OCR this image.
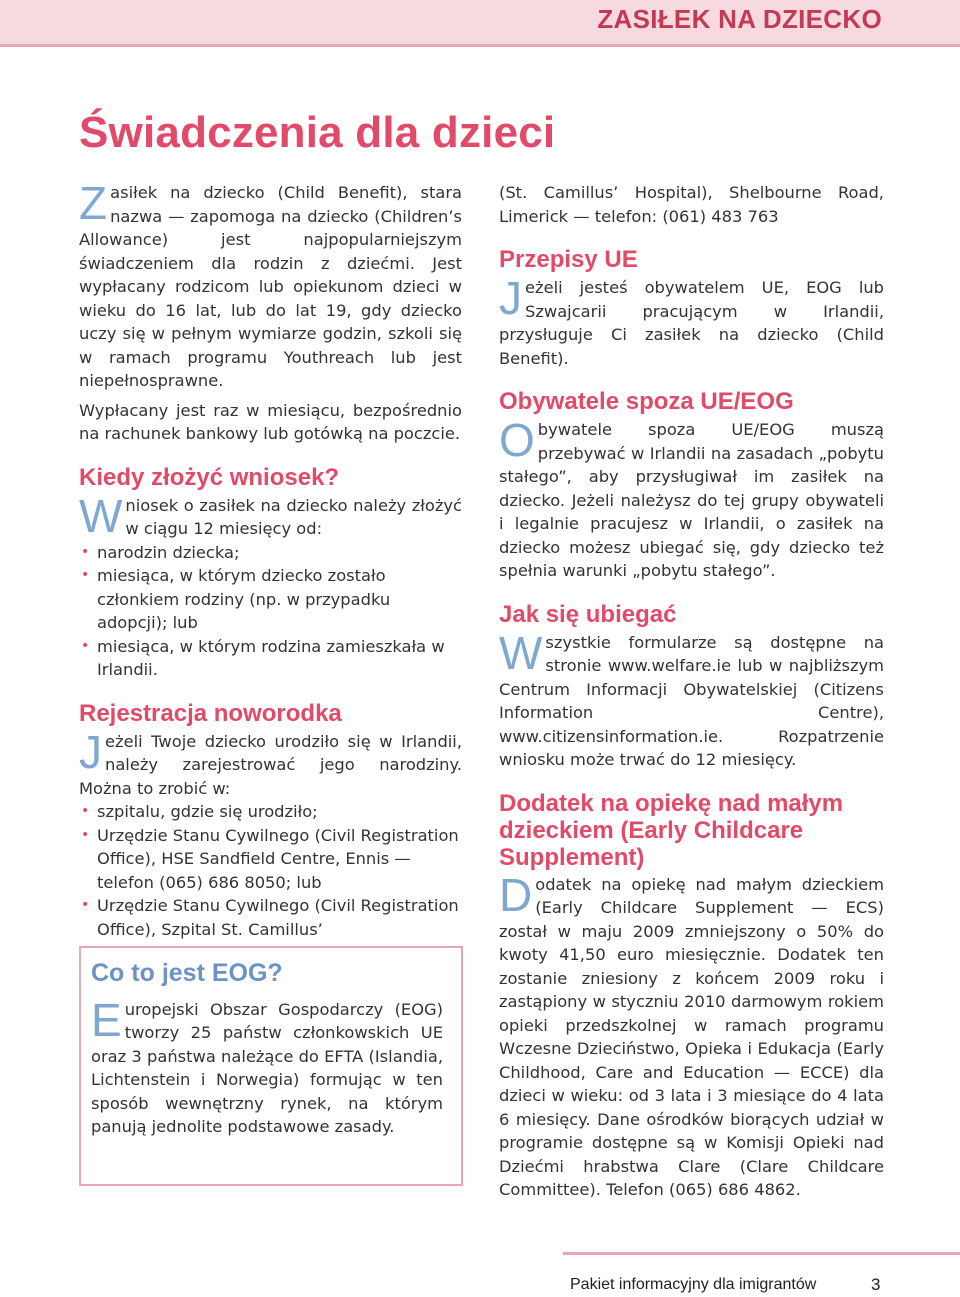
ZASIŁEK NA DZIECKO
Świadczenia dla dzieci

Zasiłek na dziecko (Child Benefit), stara nazwa — zapomoga na dziecko (Children’s Allowance) jest najpopularniejszym świadczeniem dla rodzin z dziećmi. Jest wypłacany rodzicom lub opiekunom dzieci w wieku do 16 lat, lub do lat 19, gdy dziecko uczy się w pełnym wymiarze godzin, szkoli się w ramach programu Youthreach lub jest niepełnosprawne.

Wypłacany jest raz w miesiącu, bezpośrednio na rachunek bankowy lub gotówką na poczcie.

Kiedy złożyć wniosek?

Wniosek o zasiłek na dziecko należy złożyć w ciągu 12 miesięcy od:

• narodzin dziecka;
• miesiąca, w którym dziecko zostało członkiem rodziny (np. w przypadku adopcji); lub
• miesiąca, w którym rodzina zamieszkała w Irlandii.
Rejestracja noworodka

Jeżeli Twoje dziecko urodziło się w Irlandii, należy zarejestrować jego narodziny. Można to zrobić w:

• szpitalu, gdzie się urodziło;
• Urzędzie Stanu Cywilnego (Civil Registration Office), HSE Sandfield Centre, Ennis — telefon (065) 686 8050; lub
• Urzędzie Stanu Cywilnego (Civil Registration Office), Szpital St. Camillus’
Co to jest EOG?

Europejski Obszar Gospodarczy (EOG) tworzy 25 państw członkowskich UE oraz 3 państwa należące do EFTA (Islandia, Lichtenstein i Norwegia) formując w ten sposób wewnętrzny rynek, na którym panują jednolite podstawowe zasady.

(St. Camillus’ Hospital), Shelbourne Road, Limerick — telefon: (061) 483 763

Przepisy UE

Jeżeli jesteś obywatelem UE, EOG lub Szwajcarii pracującym w Irlandii, przysługuje Ci zasiłek na dziecko (Child Benefit).

Obywatele spoza UE/EOG

Obywatele spoza UE/EOG muszą przebywać w Irlandii na zasadach „pobytu stałego”, aby przysługiwał im zasiłek na dziecko. Jeżeli należysz do tej grupy obywateli i legalnie pracujesz w Irlandii, o zasiłek na dziecko możesz ubiegać się, gdy dziecko też spełnia warunki „pobytu stałego”.

Jak się ubiegać

Wszystkie formularze są dostępne na stronie www.welfare.ie lub w najbliższym Centrum Informacji Obywatelskiej (Citizens Information Centre), www.citizensinformation.ie. Rozpatrzenie wniosku może trwać do 12 miesięcy.

Dodatek na opiekę nad małym dzieckiem (Early Childcare Supplement)

Dodatek na opiekę nad małym dzieckiem (Early Childcare Supplement — ECS) został w maju 2009 zmniejszony o 50% do kwoty 41,50 euro miesięcznie. Dodatek ten zostanie zniesiony z końcem 2009 roku i zastąpiony w styczniu 2010 darmowym rokiem opieki przedszkolnej w ramach programu Wczesne Dzieciństwo, Opieka i Edukacja (Early Childhood, Care and Education — ECCE) dla dzieci w wieku: od 3 lata i 3 miesiące do 4 lata 6 miesięcy. Dane ośrodków biorących udział w programie dostępne są w Komisji Opieki nad Dziećmi hrabstwa Clare (Clare Childcare Committee). Telefon (065) 686 4862.

Pakiet informacyjny dla imigrantów	3
